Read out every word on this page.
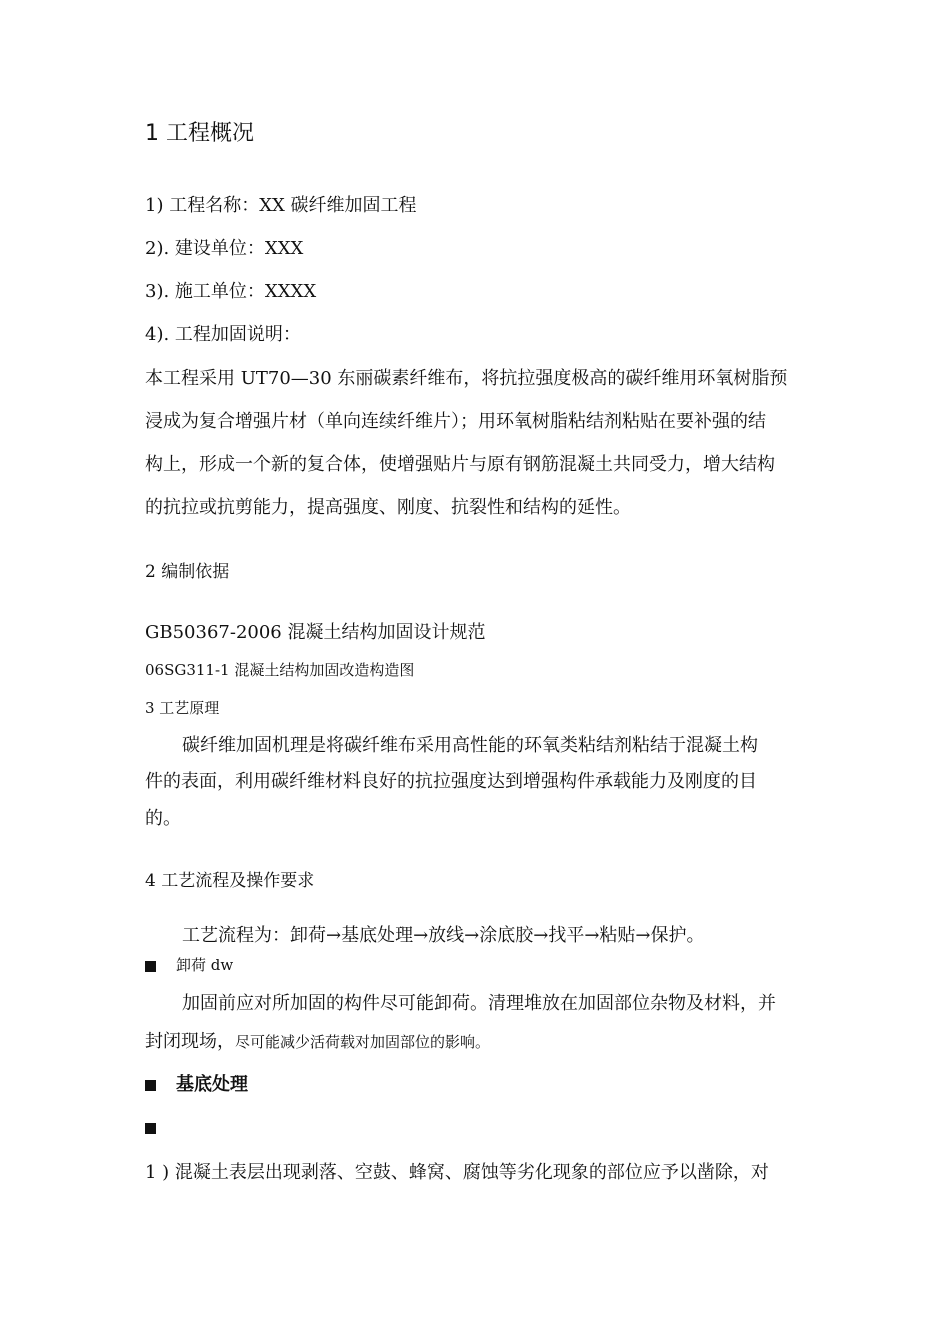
1 工程概况
1) 工程名称：XX 碳纤维加固工程
2). 建设单位：XXX
3). 施工单位：XXXX
4). 工程加固说明：
本工程采用 UT70—30 东丽碳素纤维布，将抗拉强度极高的碳纤维用环氧树脂预
浸成为复合增强片材（单向连续纤维片）；用环氧树脂粘结剂粘贴在要补强的结
构上，形成一个新的复合体，使增强贴片与原有钢筋混凝土共同受力，增大结构
的抗拉或抗剪能力，提高强度、刚度、抗裂性和结构的延性。
2 编制依据
GB50367-2006 混凝土结构加固设计规范
06SG311-1 混凝土结构加固改造构造图
3 工艺原理
碳纤维加固机理是将碳纤维布采用高性能的环氧类粘结剂粘结于混凝土构
件的表面，利用碳纤维材料良好的抗拉强度达到增强构件承载能力及刚度的目
的。
4 工艺流程及操作要求
工艺流程为：卸荷→基底处理→放线→涂底胶→找平→粘贴→保护。
卸荷 dw
加固前应对所加固的构件尽可能卸荷。清理堆放在加固部位杂物及材料，并
封闭现场，尽可能减少活荷载对加固部位的影响。
基底处理
1 ) 混凝土表层出现剥落、空鼓、蜂窝、腐蚀等劣化现象的部位应予以凿除，对
